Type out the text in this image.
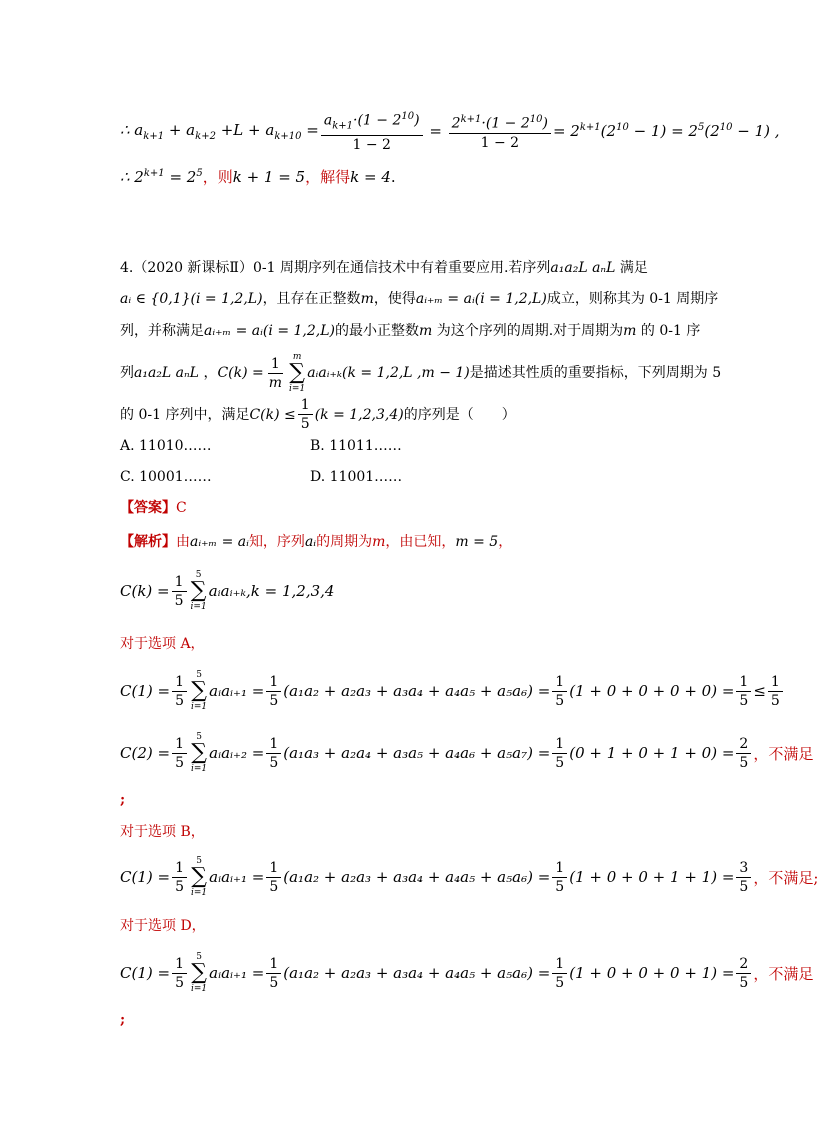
∴ $a_{k+1} + a_{k+2} +L + a_{k+10} = \frac{a_{k+1}\cdot(1 - 2^{10})}{1 - 2} = \frac{2^{k+1}\cdot(1 - 2^{10})}{1 - 2} = 2^{k+1}(2^{10} - 1) = 2^5(2^{10} - 1)$ ,
∴ $2^{k+1} = 2^5$，则k + 1 = 5，解得k = 4.
4.（2020 新课标Ⅱ）0-1 周期序列在通信技术中有着重要应用.若序列a₁a₂L aₙL 满足
aᵢ ∈ {0,1}(i = 1,2,L)，且存在正整数m，使得aᵢ₊ₘ = aᵢ(i = 1,2,L)成立，则称其为 0-1 周期序
列，并称满足aᵢ₊ₘ = aᵢ(i = 1,2,L)的最小正整数m 为这个序列的周期.对于周期为m 的 0-1 序
列 a₁a₂L aₙL
， $C(k) = \frac{1}{m}$ m
∑
i=1
aᵢaᵢ₊ₖ(k = 1,2,L ,m − 1) 是描述其性质的重要指标，下列周期为 5
的 0-1 序列中，满足 $C(k) \le \frac{1}{5} (k = 1,2,3,4)$ 的序列是（　　）
A. 11010……	B. 11011……
C. 10001……	D. 11001……
【答案】C
【解析】由aᵢ₊ₘ = aᵢ知，序列aᵢ的周期为m，由已知，m = 5，
$C(k) = \frac{1}{5} 5$
∑
i=1
aᵢaᵢ₊ₖ,k = 1,2,3,4
对于选项 A，
$C(1) = \frac{1}{5} 5$
∑
i=1
aᵢaᵢ₊₁ = $\frac{1}{5} (a_1a_2 + a_2a_3 + a_3a_4 + a_4a_5 + a_5a_6) = \frac{1}{5} (1 + 0 + 0 + 0 + 0) = \frac{1}{5} \le \frac{1}{5}$
$C(2) = \frac{1}{5} 5$
∑
i=1
aᵢaᵢ₊₂ = $\frac{1}{5} (a_1a_3 + a_2a_4 + a_3a_5 + a_4a_6 + a_5a_7) = \frac{1}{5} (0 + 1 + 0 + 1 + 0) = \frac{2}{5}$ ，不满足
;
对于选项 B，
$C(1) = \frac{1}{5} 5$
∑
i=1
aᵢaᵢ₊₁ = $\frac{1}{5} (a_1a_2 + a_2a_3 + a_3a_4 + a_4a_5 + a_5a_6) = \frac{1}{5} (1 + 0 + 0 + 1 + 1) = \frac{3}{5}$ ，不满足;
对于选项 D，
$C(1) = \frac{1}{5} 5$
∑
i=1
aᵢaᵢ₊₁ = $\frac{1}{5} (a_1a_2 + a_2a_3 + a_3a_4 + a_4a_5 + a_5a_6) = \frac{1}{5} (1 + 0 + 0 + 0 + 1) = \frac{2}{5}$ ，不满足
;
